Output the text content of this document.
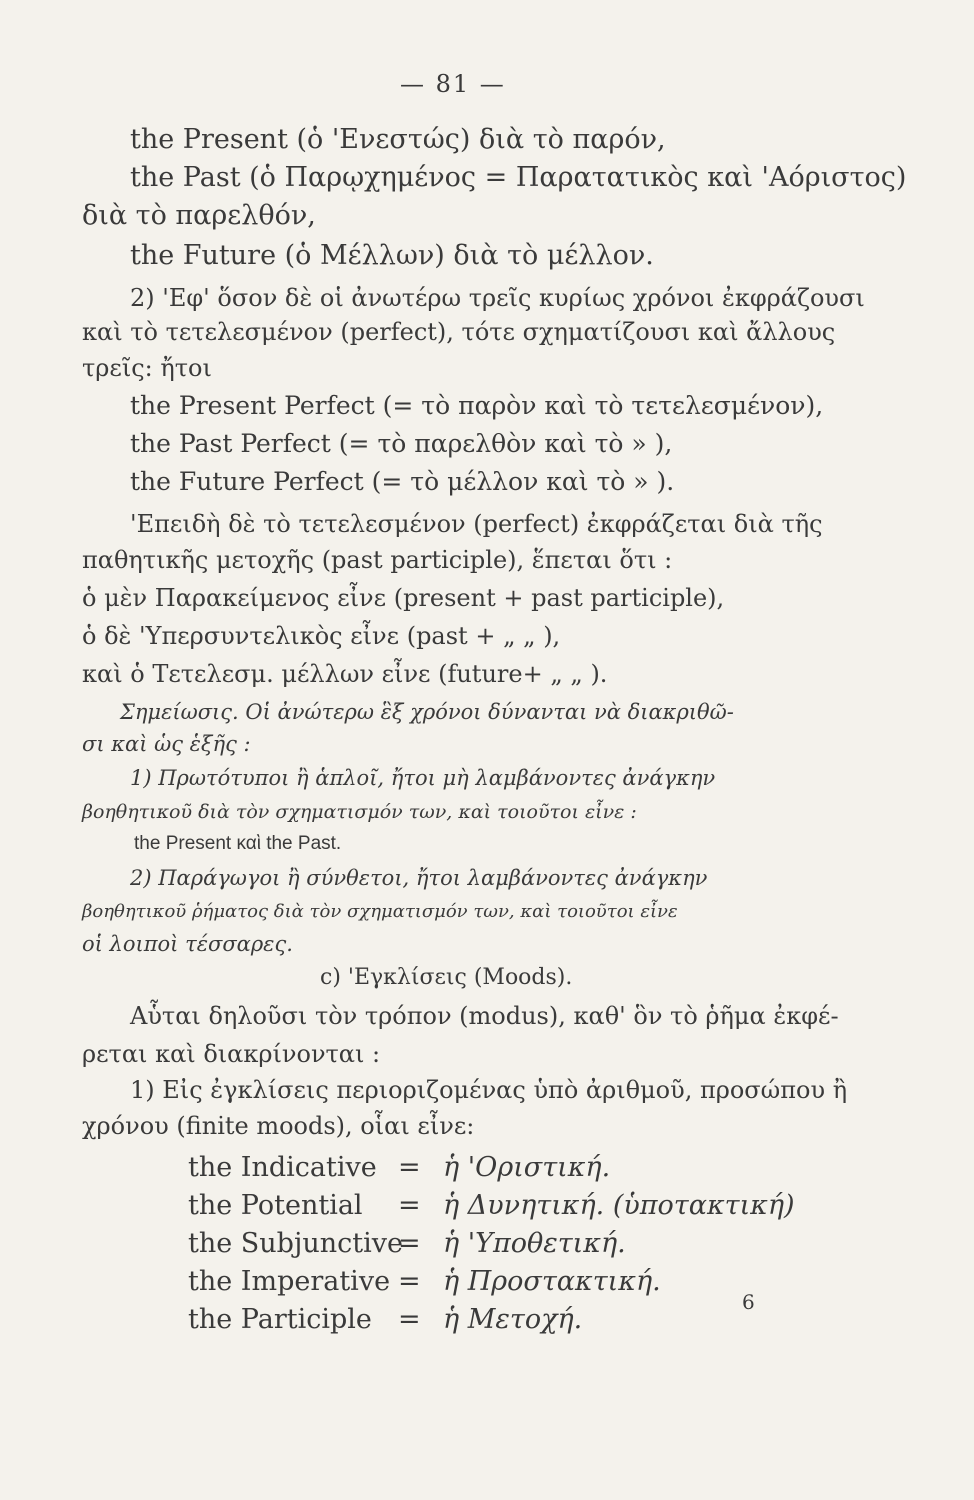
— 81 —
the Present (ὁ 'Ενεστώς) διὰ τὸ παρόν,
the Past (ὁ Παρῳχημένος = Παρατατικὸς καὶ 'Αόριστος)
διὰ τὸ παρελθόν,
the Future (ὁ Μέλλων) διὰ τὸ μέλλον.
2) 'Εφ' ὅσον δὲ οἱ ἀνωτέρω τρεῖς κυρίως χρόνοι ἐκφράζουσι
καὶ τὸ τετελεσμένον (perfect), τότε σχηματίζουσι καὶ ἄλλους
τρεῖς: ἤτοι
the Present Perfect (= τὸ παρὸν καὶ τὸ τετελεσμένον),
the Past Perfect (= τὸ παρελθὸν καὶ τὸ » ),
the Future Perfect (= τὸ μέλλον καὶ τὸ » ).
'Επειδὴ δὲ τὸ τετελεσμένον (perfect) ἐκφράζεται διὰ τῆς
παθητικῆς μετοχῆς (past participle), ἕπεται ὅτι :
ὁ μὲν Παρακείμενος εἶνε (present + past participle),
ὁ δὲ 'Υπερσυντελικὸς εἶνε (past + „ „ ),
καὶ ὁ Τετελεσμ. μέλλων εἶνε (future+ „ „ ).
Σημείωσις. Οἱ ἀνώτερω ἓξ χρόνοι δύνανται νὰ διακριθῶ-
σι καὶ ὡς ἑξῆς :
1) Πρωτότυποι ἢ ἁπλοῖ, ἤτοι μὴ λαμβάνοντες ἀνάγκην
βοηθητικοῦ διὰ τὸν σχηματισμόν των, καὶ τοιοῦτοι εἶνε :
the Present καὶ the Past.
2) Παράγωγοι ἢ σύνθετοι, ἤτοι λαμβάνοντες ἀνάγκην
βοηθητικοῦ ῥήματος διὰ τὸν σχηματισμόν των, καὶ τοιοῦτοι εἶνε
οἱ λοιποὶ τέσσαρες.
c) 'Εγκλίσεις (Moods).
Αὗται δηλοῦσι τὸν τρόπον (modus), καθ' ὃν τὸ ῥῆμα ἐκφέ-
ρεται καὶ διακρίνονται :
1) Εἰς ἐγκλίσεις περιοριζομένας ὑπὸ ἀριθμοῦ, προσώπου ἢ
χρόνου (finite moods), οἷαι εἶνε:
the Indicative = ἡ 'Οριστική.
the Potential = ἡ Δυνητική. (ὑποτακτική)
the Subjunctive= ἡ 'Υποθετική.
the Imperative = ἡ Προστακτική.
the Participle = ἡ Μετοχή.
6
